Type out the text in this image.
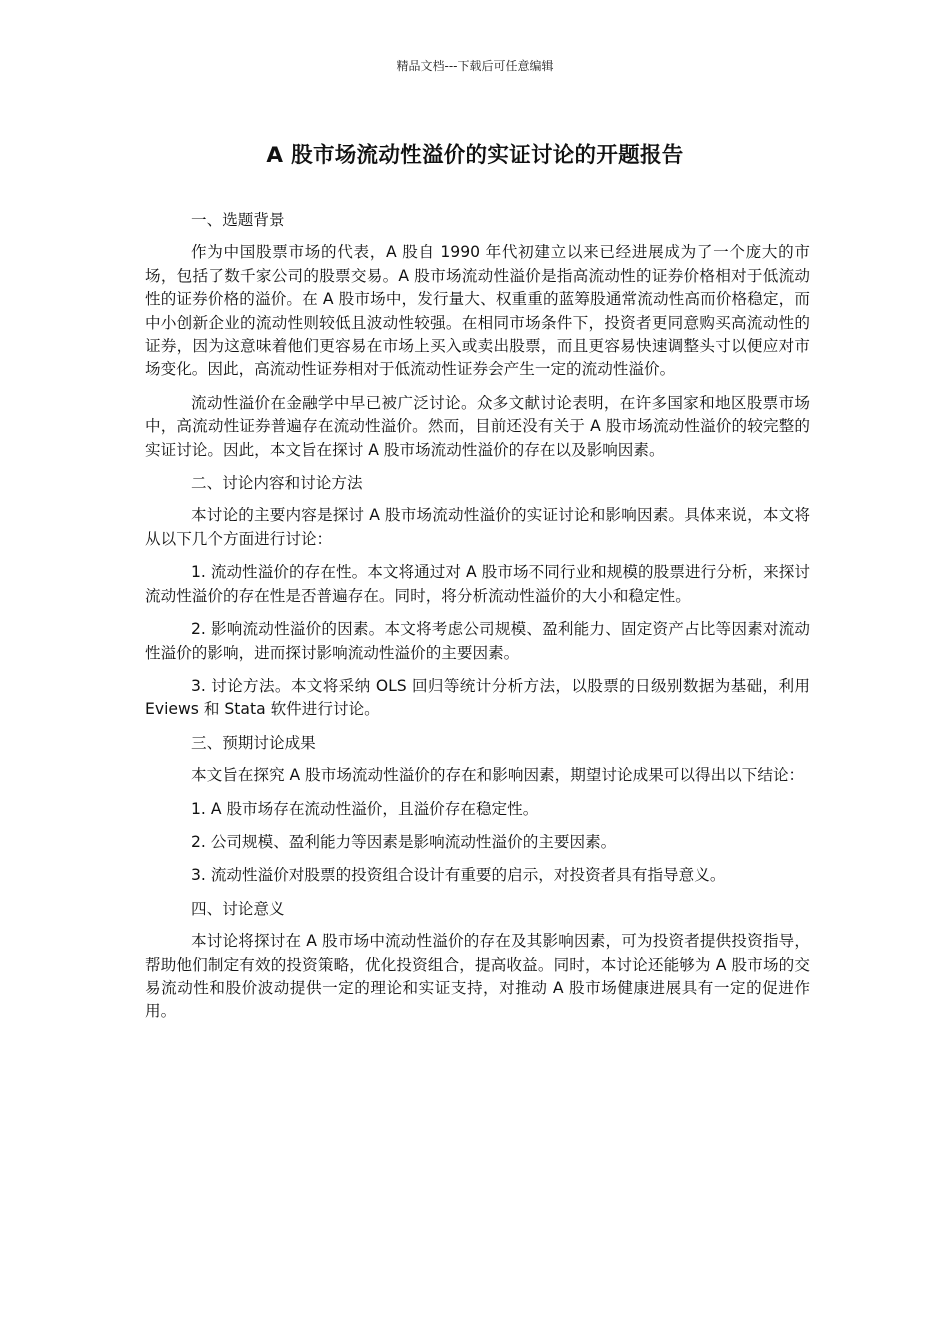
精品文档---下载后可任意编辑
A 股市场流动性溢价的实证讨论的开题报告

一、选题背景

作为中国股票市场的代表，A 股自 1990 年代初建立以来已经进展成为了一个庞大的市场，包括了数千家公司的股票交易。A 股市场流动性溢价是指高流动性的证券价格相对于低流动性的证券价格的溢价。在 A 股市场中，发行量大、权重重的蓝筹股通常流动性高而价格稳定，而中小创新企业的流动性则较低且波动性较强。在相同市场条件下，投资者更同意购买高流动性的证券，因为这意味着他们更容易在市场上买入或卖出股票，而且更容易快速调整头寸以便应对市场变化。因此，高流动性证券相对于低流动性证券会产生一定的流动性溢价。

流动性溢价在金融学中早已被广泛讨论。众多文献讨论表明，在许多国家和地区股票市场中，高流动性证券普遍存在流动性溢价。然而，目前还没有关于 A 股市场流动性溢价的较完整的实证讨论。因此，本文旨在探讨 A 股市场流动性溢价的存在以及影响因素。

二、讨论内容和讨论方法

本讨论的主要内容是探讨 A 股市场流动性溢价的实证讨论和影响因素。具体来说，本文将从以下几个方面进行讨论：

1. 流动性溢价的存在性。本文将通过对 A 股市场不同行业和规模的股票进行分析，来探讨流动性溢价的存在性是否普遍存在。同时，将分析流动性溢价的大小和稳定性。

2. 影响流动性溢价的因素。本文将考虑公司规模、盈利能力、固定资产占比等因素对流动性溢价的影响，进而探讨影响流动性溢价的主要因素。

3. 讨论方法。本文将采纳 OLS 回归等统计分析方法，以股票的日级别数据为基础，利用 Eviews 和 Stata 软件进行讨论。

三、预期讨论成果

本文旨在探究 A 股市场流动性溢价的存在和影响因素，期望讨论成果可以得出以下结论：

1. A 股市场存在流动性溢价，且溢价存在稳定性。

2. 公司规模、盈利能力等因素是影响流动性溢价的主要因素。

3. 流动性溢价对股票的投资组合设计有重要的启示，对投资者具有指导意义。

四、讨论意义

本讨论将探讨在 A 股市场中流动性溢价的存在及其影响因素，可为投资者提供投资指导，帮助他们制定有效的投资策略，优化投资组合，提高收益。同时，本讨论还能够为 A 股市场的交易流动性和股价波动提供一定的理论和实证支持，对推动 A 股市场健康进展具有一定的促进作用。
